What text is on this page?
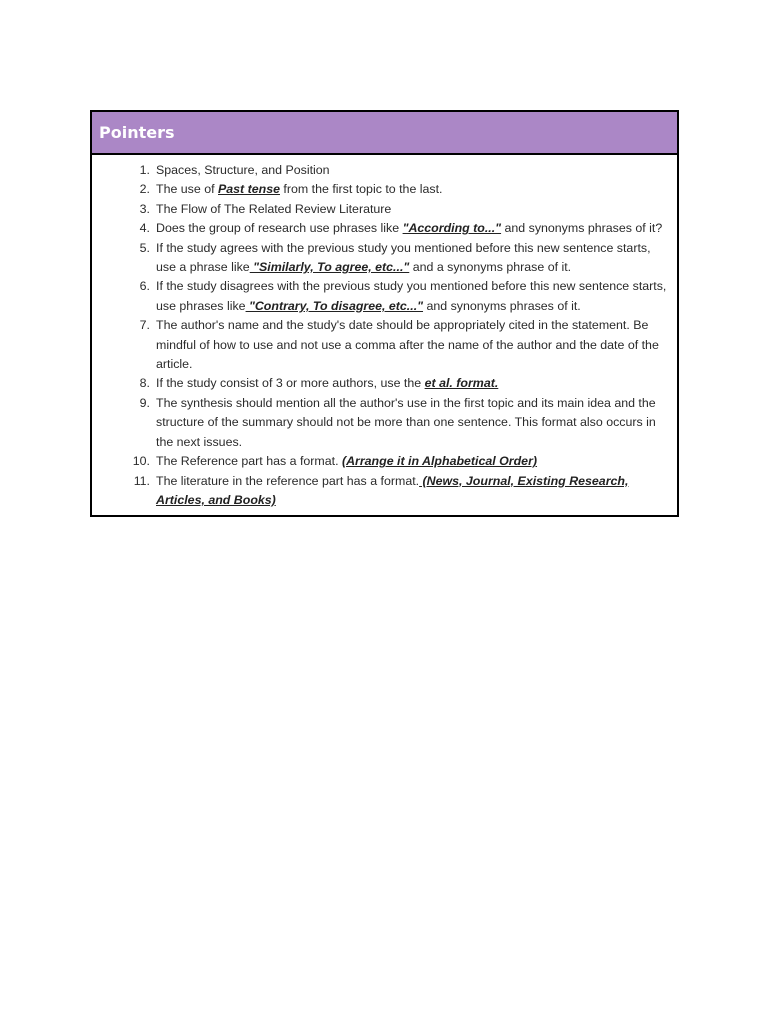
Pointers
1. Spaces, Structure, and Position
2. The use of Past tense from the first topic to the last.
3. The Flow of The Related Review Literature
4. Does the group of research use phrases like "According to..." and synonyms phrases of it?
5. If the study agrees with the previous study you mentioned before this new sentence starts, use a phrase like "Similarly, To agree, etc..." and a synonyms phrase of it.
6. If the study disagrees with the previous study you mentioned before this new sentence starts, use phrases like "Contrary, To disagree, etc..." and synonyms phrases of it.
7. The author's name and the study's date should be appropriately cited in the statement. Be mindful of how to use and not use a comma after the name of the author and the date of the article.
8. If the study consist of 3 or more authors, use the et al. format.
9. The synthesis should mention all the author's use in the first topic and its main idea and the structure of the summary should not be more than one sentence. This format also occurs in the next issues.
10. The Reference part has a format. (Arrange it in Alphabetical Order)
11. The literature in the reference part has a format. (News, Journal, Existing Research, Articles, and Books)
